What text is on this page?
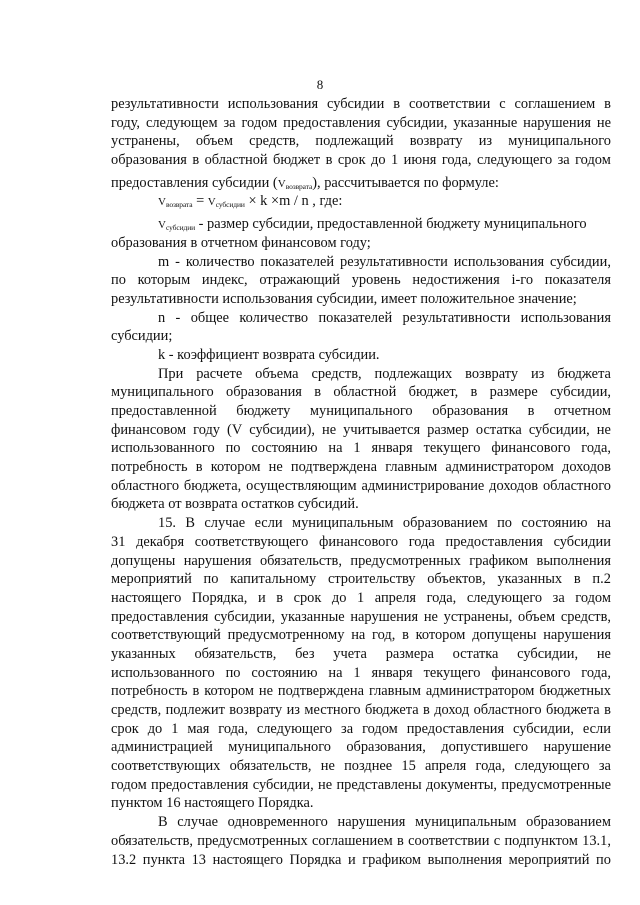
8
результативности использования субсидии в соответствии с соглашением в
году, следующем за годом предоставления субсидии, указанные нарушения не
устранены, объем средств, подлежащий возврату из муниципального
образования в областной бюджет в срок до 1 июня года, следующего за годом
предоставления субсидии (Vвозврата), рассчитывается по формуле:
Vвозврата = Vсубсидии × k ×m / n , где:
Vсубсидии - размер субсидии, предоставленной бюджету муниципального
образования в отчетном финансовом году;
m - количество показателей результативности использования субсидии,
по которым индекс, отражающий уровень недостижения i-го показателя
результативности использования субсидии, имеет положительное значение;
n - общее количество показателей результативности использования
субсидии;
k - коэффициент возврата субсидии.
При расчете объема средств, подлежащих возврату из бюджета
муниципального образования в областной бюджет, в размере субсидии,
предоставленной бюджету муниципального образования в отчетном
финансовом году (V субсидии), не учитывается размер остатка субсидии, не
использованного по состоянию на 1 января текущего финансового года,
потребность в котором не подтверждена главным администратором доходов
областного бюджета, осуществляющим администрирование доходов областного
бюджета от возврата остатков субсидий.
15. В случае если муниципальным образованием по состоянию на
31 декабря соответствующего финансового года предоставления субсидии
допущены нарушения обязательств, предусмотренных графиком выполнения
мероприятий по капитальному строительству объектов, указанных в п.2
настоящего Порядка, и в срок до 1 апреля года, следующего за годом
предоставления субсидии, указанные нарушения не устранены, объем средств,
соответствующий предусмотренному на год, в котором допущены нарушения
указанных обязательств, без учета размера остатка субсидии, не
использованного по состоянию на 1 января текущего финансового года,
потребность в котором не подтверждена главным администратором бюджетных
средств, подлежит возврату из местного бюджета в доход областного бюджета в
срок до 1 мая года, следующего за годом предоставления субсидии, если
администрацией муниципального образования, допустившего нарушение
соответствующих обязательств, не позднее 15 апреля года, следующего за
годом предоставления субсидии, не представлены документы, предусмотренные
пунктом 16 настоящего Порядка.
В случае одновременного нарушения муниципальным образованием
обязательств, предусмотренных соглашением в соответствии с подпунктом 13.1,
13.2 пункта 13 настоящего Порядка и графиком выполнения мероприятий по
